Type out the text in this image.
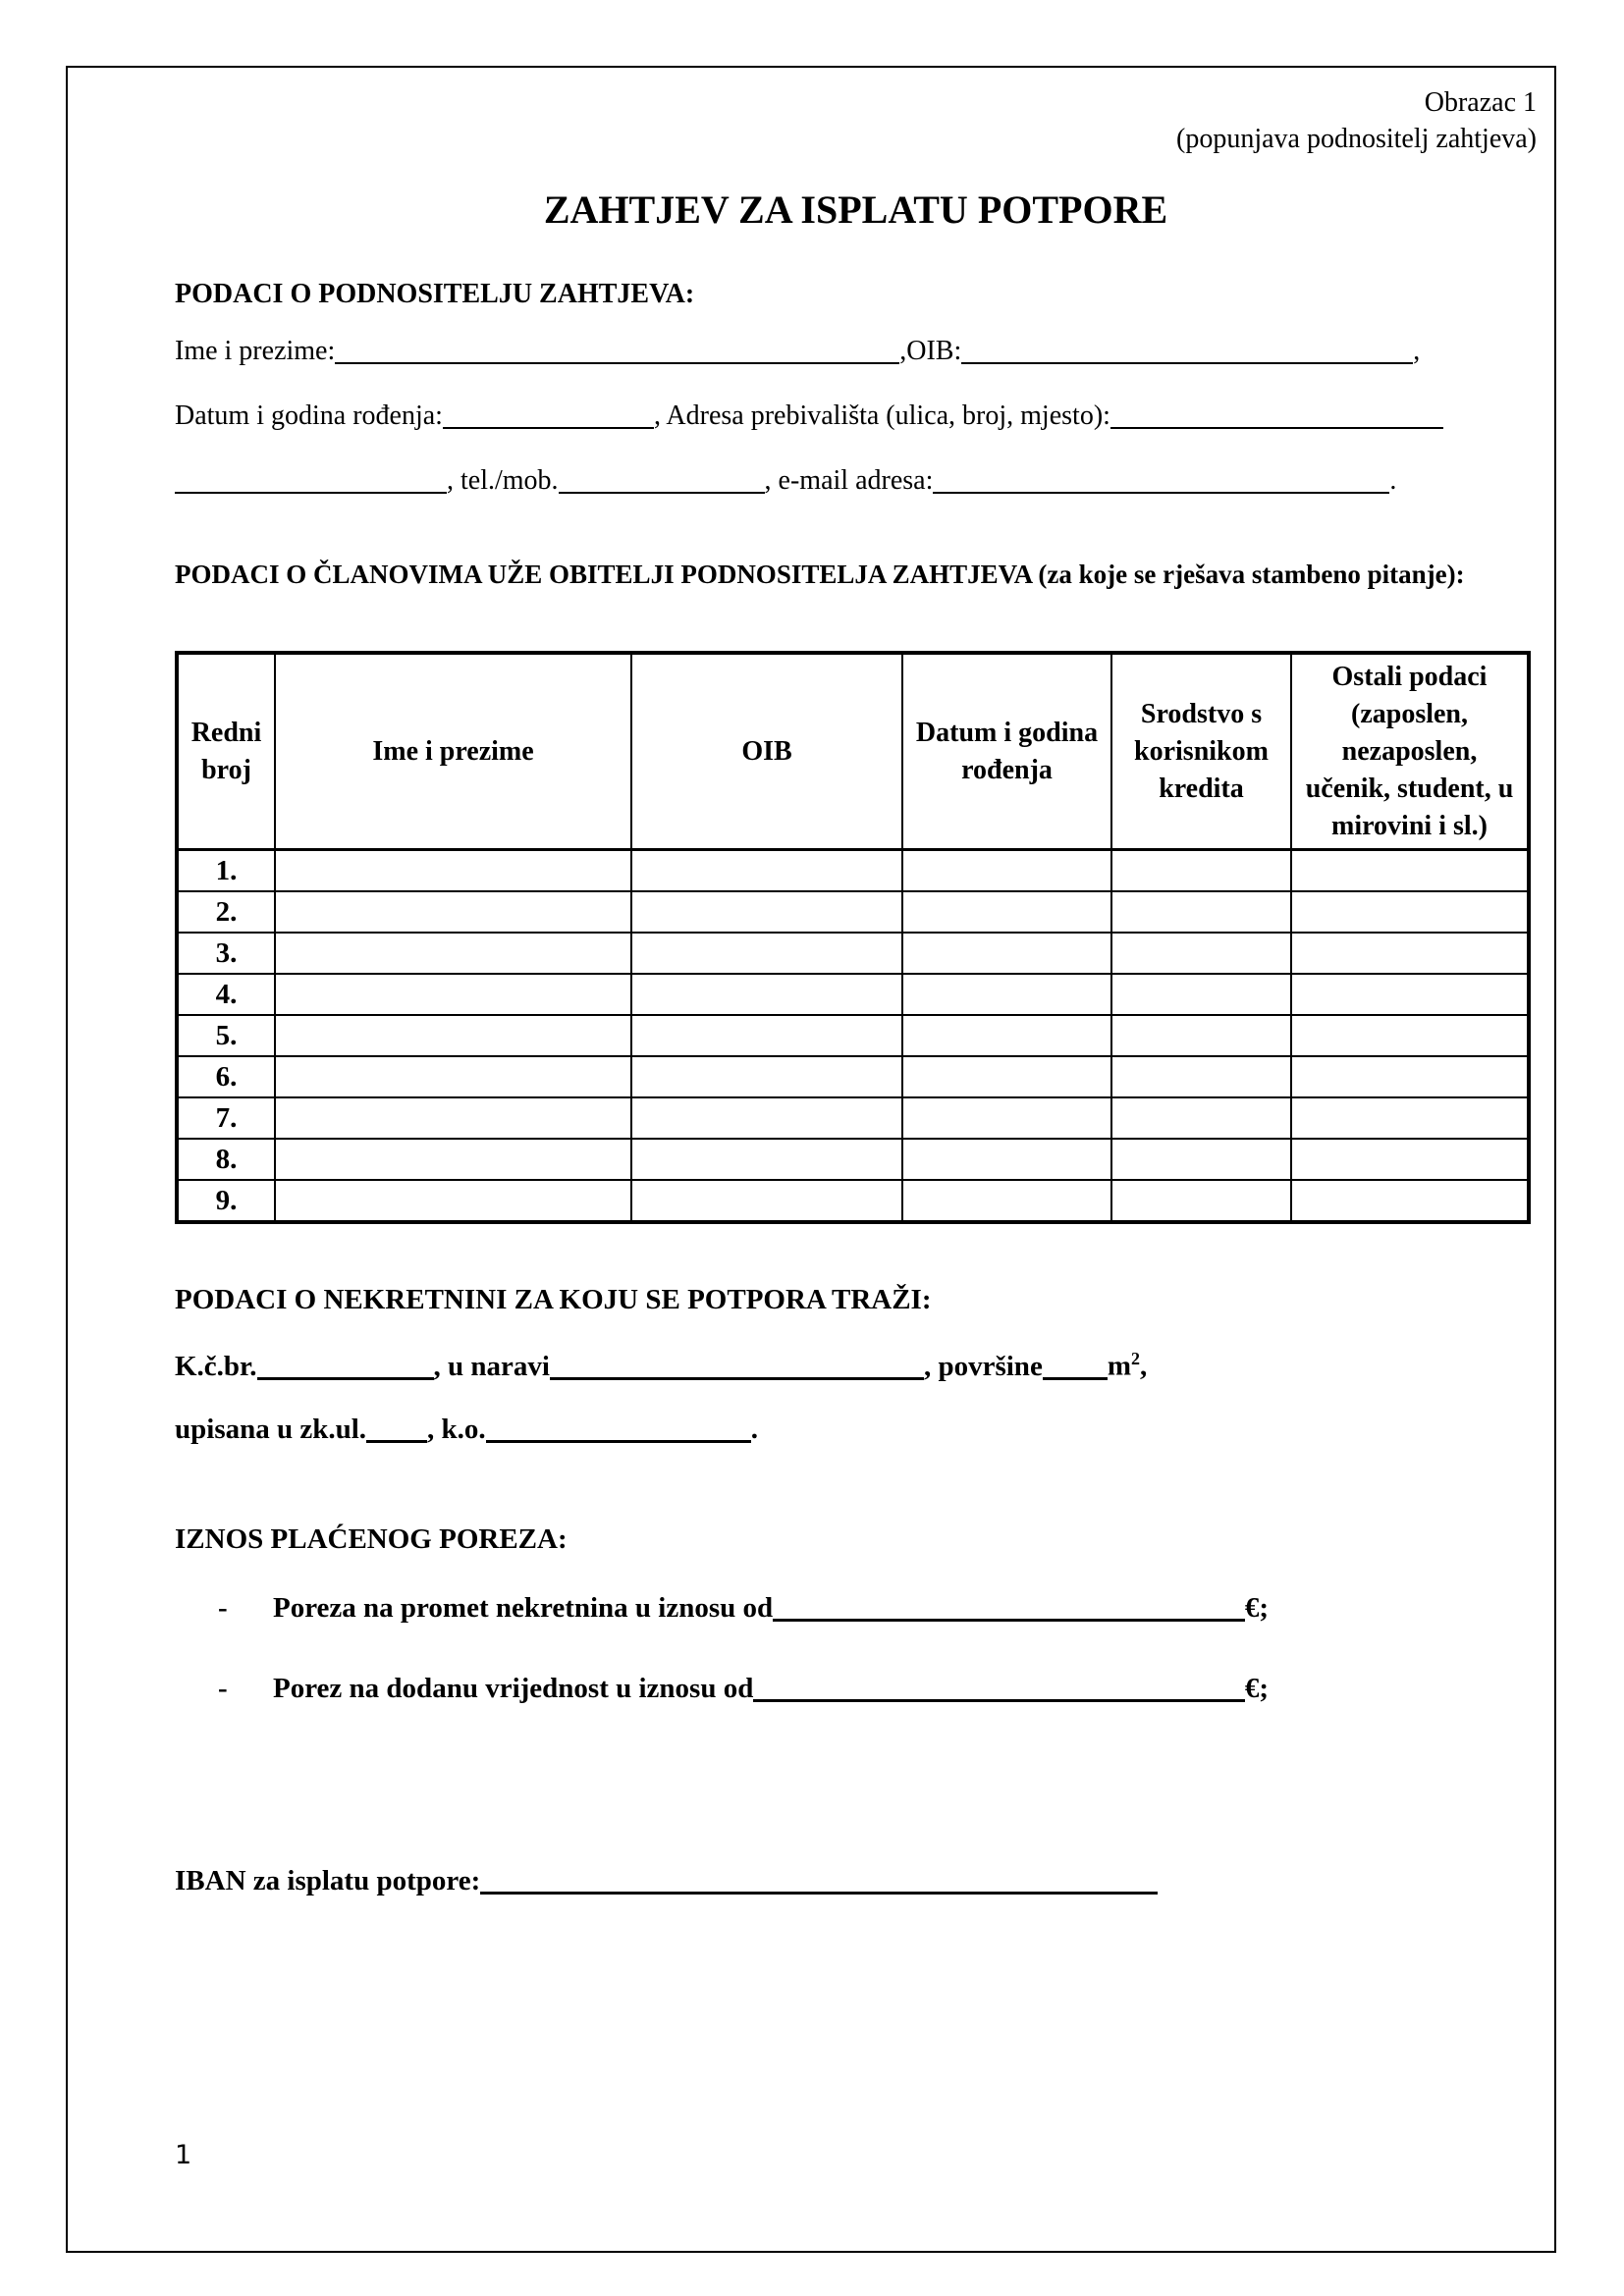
Obrazac 1
(popunjava podnositelj zahtjeva)
ZAHTJEV ZA ISPLATU POTPORE
PODACI O PODNOSITELJU ZAHTJEVA:
Ime i prezime:	,OIB:	,
Datum i godina rođenja:	, Adresa prebivališta (ulica, broj, mjesto):
, tel./mob.	, e-mail adresa:	.
PODACI O ČLANOVIMA UŽE OBITELJI PODNOSITELJA ZAHTJEVA (za koje se rješava stambeno pitanje):
PODACI O NEKRETNINI ZA KOJU SE POTPORA TRAŽI:
K.č.br.	, u naravi	, površine $m^2$,
upisana u zk.ul. , k.o.	.
IZNOS PLAĆENOG POREZA:
-	Poreza na promet nekretnina u iznosu od	€;
-	Porez na dodanu vrijednost u iznosu od	€;
IBAN za isplatu potpore:
Redni broj	Ime i prezime	OIB	Datum i godina rođenja	Srodstvo s korisnikom kredita	Ostali podaci (zaposlen, nezaposlen, učenik, student, u mirovini i sl.)
1.					
2.					
3.					
4.					
5.					
6.					
7.					
8.					
9.					
1
